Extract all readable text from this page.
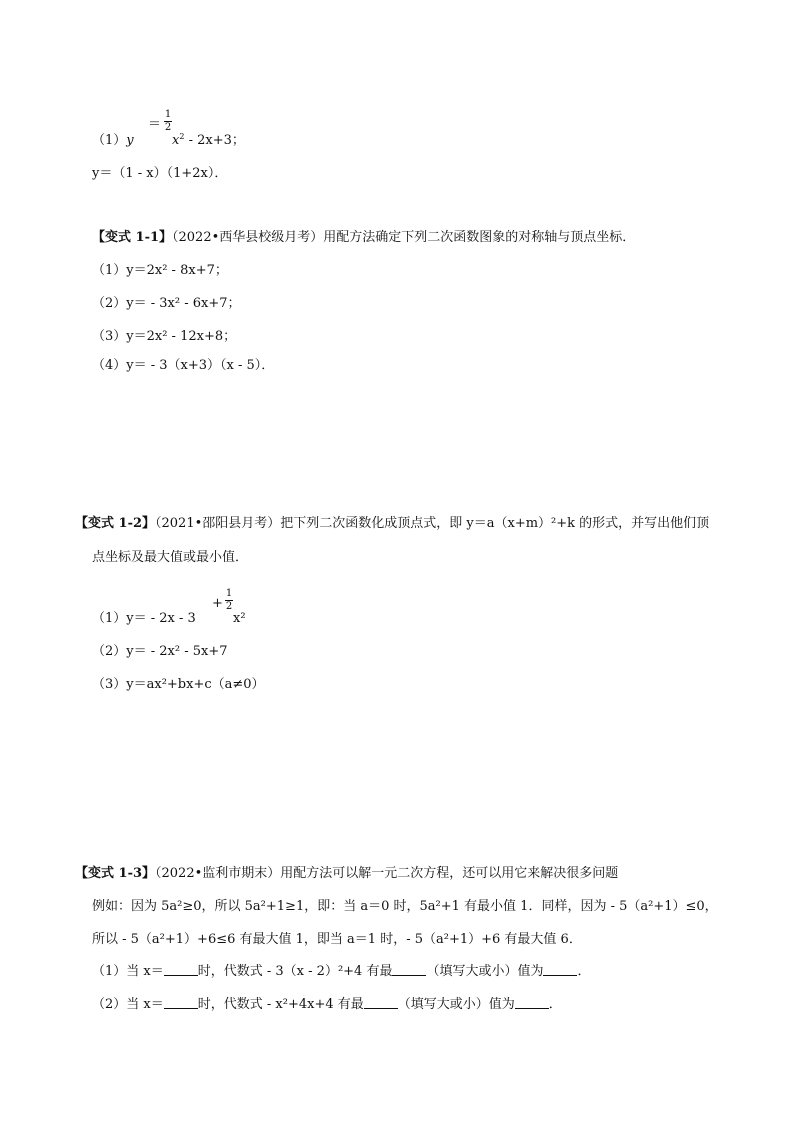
（1）y
＝
1
2
$x^2 - 2x+3$；
y＝（1 - x）（1+2x）．
【变式 1-1】（2022•西华县校级月考）用配方法确定下列二次函数图象的对称轴与顶点坐标．
（1）y＝2x² - 8x+7；
（2）y＝ - 3x² - 6x+7；
（3）y＝2x² - 12x+8；
（4）y＝ - 3（x+3）（x - 5）．
【变式 1-2】（2021•邵阳县月考）把下列二次函数化成顶点式，即 y＝a（x+m）²+k 的形式，并写出他们顶
点坐标及最大值或最小值．
（1）y＝ - 2x - 3
+
1
2
x²
（2）y＝ - 2x² - 5x+7
（3）y＝ax²+bx+c（a≠0）
【变式 1-3】（2022•监利市期末）用配方法可以解一元二次方程，还可以用它来解决很多问题
例如：因为 5a²≥0，所以 5a²+1≥1，即：当 a＝0 时，5a²+1 有最小值 1．同样，因为 - 5（a²+1）≤0，
所以 - 5（a²+1）+6≤6 有最大值 1，即当 a＝1 时，- 5（a²+1）+6 有最大值 6．
（1）当 x＝	时，代数式 - 3（x - 2）²+4 有最	（填写大或小）值为	．
（2）当 x＝	时，代数式 - x²+4x+4 有最	（填写大或小）值为	．
